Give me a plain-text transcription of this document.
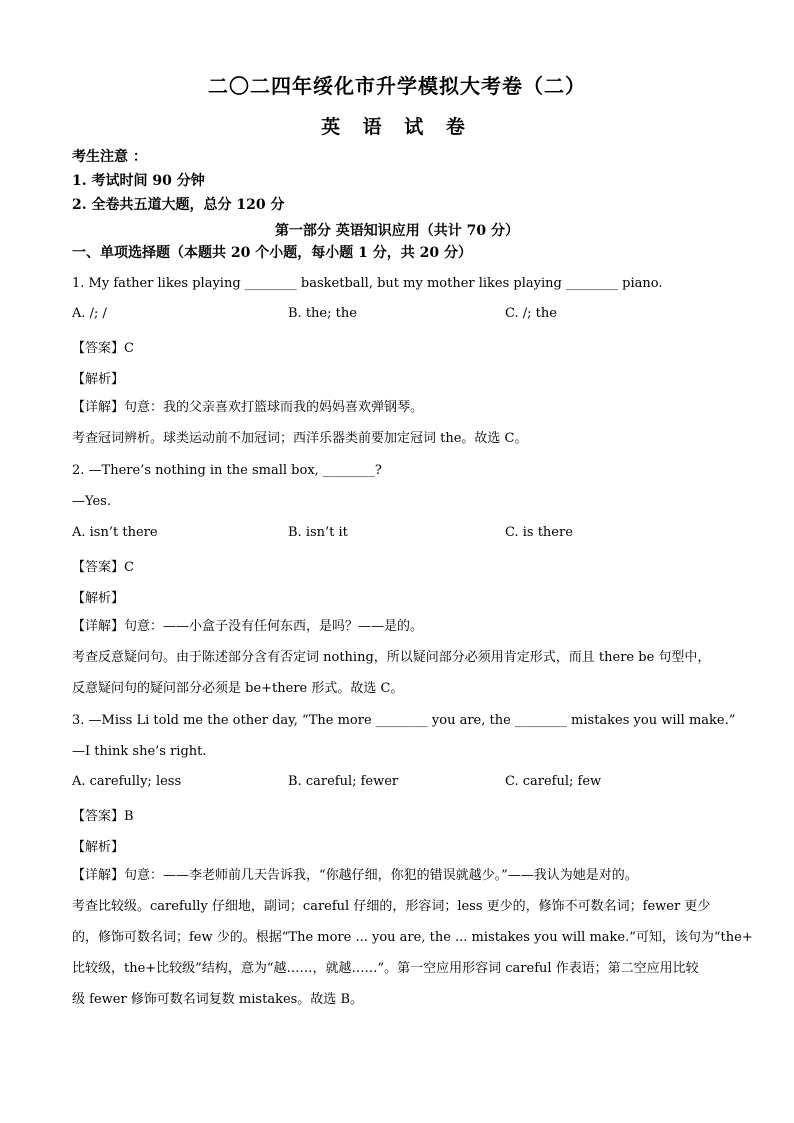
二〇二四年绥化市升学模拟大考卷（二）
英 语 试 卷
考生注意 ：
1. 考试时间 90 分钟
2. 全卷共五道大题，总分 120 分
第一部分 英语知识应用（共计 70 分）
一、单项选择题（本题共 20 个小题，每小题 1 分，共 20 分）
1. My father likes playing ________ basketball, but my mother likes playing ________ piano.
A. /; /	B. the; the	C. /; the
【答案】C
【解析】
【详解】句意：我的父亲喜欢打篮球而我的妈妈喜欢弹钢琴。
考查冠词辨析。球类运动前不加冠词；西洋乐器类前要加定冠词 the。故选 C。
2. —There’s nothing in the small box, ________?
—Yes.
A. isn’t there	B. isn’t it	C. is there
【答案】C
【解析】
【详解】句意：——小盒子没有任何东西，是吗？——是的。
考查反意疑问句。由于陈述部分含有否定词 nothing，所以疑问部分必须用肯定形式，而且 there be 句型中，
反意疑问句的疑问部分必须是 be+there 形式。故选 C。
3. —Miss Li told me the other day, “The more ________ you are, the ________ mistakes you will make.”
—I think she’s right.
A. carefully; less	B. careful; fewer	C. careful; few
【答案】B
【解析】
【详解】句意：——李老师前几天告诉我，“你越仔细，你犯的错误就越少。”——我认为她是对的。
考查比较级。carefully 仔细地，副词；careful 仔细的，形容词；less 更少的，修饰不可数名词；fewer 更少
的，修饰可数名词；few 少的。根据“The more ... you are, the ... mistakes you will make.”可知，该句为“the+
比较级，the+比较级”结构，意为“越……，就越……”。第一空应用形容词 careful 作表语；第二空应用比较
级 fewer 修饰可数名词复数 mistakes。故选 B。
